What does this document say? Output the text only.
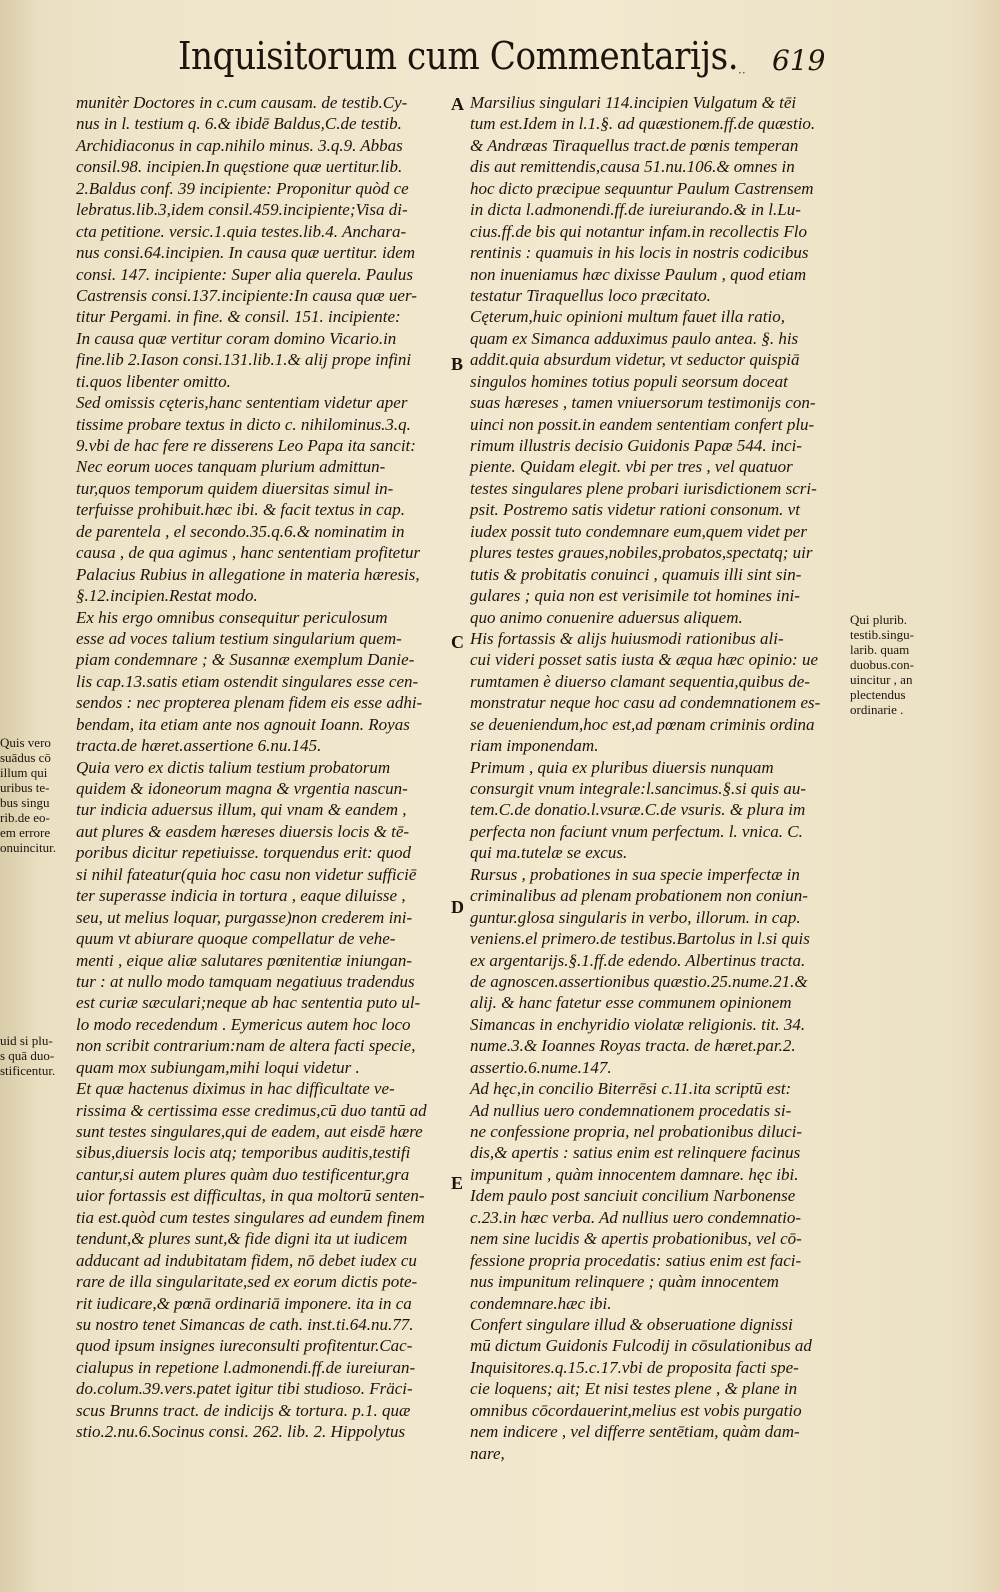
Inquisitorum cum Commentarijs. ·· 619
munitèr Doctores in c.cum causam. de testib.Cy-
nus in l. testium q. 6.& ibidē Baldus,C.de testib.
Archidiaconus in cap.nihilo minus. 3.q.9. Abbas
consil.98. incipien.In quęstione quæ uertitur.lib.
2.Baldus conf. 39 incipiente: Proponitur quòd ce
lebratus.lib.3,idem consil.459.incipiente;Visa di-
cta petitione. versic.1.quia testes.lib.4. Anchara-
nus consi.64.incipien. In causa quæ uertitur. idem
consi. 147. incipiente: Super alia querela. Paulus
Castrensis consi.137.incipiente:In causa quæ uer-
titur Pergami. in fine. & consil. 151. incipiente:
In causa quæ vertitur coram domino Vicario.in
fine.lib 2.Iason consi.131.lib.1.& alij prope infini
ti.quos libenter omitto.
Sed omissis cęteris,hanc sententiam videtur aper
tissime probare textus in dicto c. nihilominus.3.q.
9.vbi de hac fere re disserens Leo Papa ita sancit:
Nec eorum uoces tanquam plurium admittun-
tur,quos temporum quidem diuersitas simul in-
terfuisse prohibuit.hæc ibi. & facit textus in cap.
de parentela , el secondo.35.q.6.& nominatim in
causa , de qua agimus , hanc sententiam profitetur
Palacius Rubius in allegatione in materia hæresis,
§.12.incipien.Restat modo.
Ex his ergo omnibus consequitur periculosum
esse ad voces talium testium singularium quem-
piam condemnare ; & Susannæ exemplum Danie-
lis cap.13.satis etiam ostendit singulares esse cen-
sendos : nec propterea plenam fidem eis esse adhi-
bendam, ita etiam ante nos agnouit Ioann. Royas
tracta.de hæret.assertione 6.nu.145.
Quia vero ex dictis talium testium probatorum
quidem & idoneorum magna & vrgentia nascun-
tur indicia aduersus illum, qui vnam & eandem ,
aut plures & easdem hæreses diuersis locis & tē-
poribus dicitur repetiuisse. torquendus erit: quod
si nihil fateatur(quia hoc casu non videtur sufficiē
ter superasse indicia in tortura , eaque diluisse ,
seu, ut melius loquar, purgasse)non crederem ini-
quum vt abiurare quoque compellatur de vehe-
menti , eique aliæ salutares pœnitentiæ iniungan-
tur : at nullo modo tamquam negatiuus tradendus
est curiæ sæculari;neque ab hac sententia puto ul-
lo modo recedendum . Eymericus autem hoc loco
non scribit contrarium:nam de altera facti specie,
quam mox subiungam,mihi loqui videtur .
Et quæ hactenus diximus in hac difficultate ve-
rissima & certissima esse credimus,cū duo tantū ad
sunt testes singulares,qui de eadem, aut eisdē hære
sibus,diuersis locis atq; temporibus auditis,testifi
cantur,si autem plures quàm duo testificentur,gra
uior fortassis est difficultas, in qua moltorū senten-
tia est.quòd cum testes singulares ad eundem finem
tendunt,& plures sunt,& fide digni ita ut iudicem
adducant ad indubitatam fidem, nō debet iudex cu
rare de illa singularitate,sed ex eorum dictis pote-
rit iudicare,& pœnā ordinariā imponere. ita in ca
su nostro tenet Simancas de cath. inst.ti.64.nu.77.
quod ipsum insignes iureconsulti profitentur.Cac-
cialupus in repetione l.admonendi.ff.de iureiuran-
do.colum.39.vers.patet igitur tibi studioso. Fräci-
scus Brunns tract. de indicijs & tortura. p.1. quæ
stio.2.nu.6.Socinus consi. 262. lib. 2. Hippolytus
Marsilius singulari 114.incipien Vulgatum & tēi
tum est.Idem in l.1.§. ad quæstionem.ff.de quæstio.
& Andræas Tiraquellus tract.de pœnis temperan
dis aut remittendis,causa 51.nu.106.& omnes in
hoc dicto præcipue sequuntur Paulum Castrensem
in dicta l.admonendi.ff.de iureiurando.& in l.Lu-
cius.ff.de bis qui notantur infam.in recollectis Flo
rentinis : quamuis in his locis in nostris codicibus
non inueniamus hæc dixisse Paulum , quod etiam
testatur Tiraquellus loco præcitato.
Cęterum,huic opinioni multum fauet illa ratio,
quam ex Simanca adduximus paulo antea. §. his
addit.quia absurdum videtur, vt seductor quispiā
singulos homines totius populi seorsum doceat
suas hæreses , tamen vniuersorum testimonijs con-
uinci non possit.in eandem sententiam confert plu-
rimum illustris decisio Guidonis Papæ 544. inci-
piente. Quidam elegit. vbi per tres , vel quatuor
testes singulares plene probari iurisdictionem scri-
psit. Postremo satis videtur rationi consonum. vt
iudex possit tuto condemnare eum,quem videt per
plures testes graues,nobiles,probatos,spectatq; uir
tutis & probitatis conuinci , quamuis illi sint sin-
gulares ; quia non est verisimile tot homines ini-
quo animo conuenire aduersus aliquem.
His fortassis & alijs huiusmodi rationibus ali-
cui videri posset satis iusta & æqua hæc opinio: ue
rumtamen è diuerso clamant sequentia,quibus de-
monstratur neque hoc casu ad condemnationem es-
se deueniendum,hoc est,ad pœnam criminis ordina
riam imponendam.
Primum , quia ex pluribus diuersis nunquam
consurgit vnum integrale:l.sancimus.§.si quis au-
tem.C.de donatio.l.vsuræ.C.de vsuris. & plura im
perfecta non faciunt vnum perfectum. l. vnica. C.
qui ma.tutelæ se excus.
Rursus , probationes in sua specie imperfectæ in
criminalibus ad plenam probationem non coniun-
guntur.glosa singularis in verbo, illorum. in cap.
veniens.el primero.de testibus.Bartolus in l.si quis
ex argentarijs.§.1.ff.de edendo. Albertinus tracta.
de agnoscen.assertionibus quæstio.25.nume.21.&
alij. & hanc fatetur esse communem opinionem
Simancas in enchyridio violatæ religionis. tit. 34.
nume.3.& Ioannes Royas tracta. de hæret.par.2.
assertio.6.nume.147.
Ad hęc,in concilio Biterrēsi c.11.ita scriptū est:
Ad nullius uero condemnationem procedatis si-
ne confessione propria, nel probationibus diluci-
dis,& apertis : satius enim est relinquere facinus
impunitum , quàm innocentem damnare. hęc ibi.
Idem paulo post sanciuit concilium Narbonense
c.23.in hæc verba. Ad nullius uero condemnatio-
nem sine lucidis & apertis probationibus, vel cō-
fessione propria procedatis: satius enim est faci-
nus impunitum relinquere ; quàm innocentem
condemnare.hæc ibi.
Confert singulare illud & obseruatione dignissi
mū dictum Guidonis Fulcodij in cōsulationibus ad
Inquisitores.q.15.c.17.vbi de proposita facti spe-
cie loquens; ait; Et nisi testes plene , & plane in
omnibus cōcordauerint,melius est vobis purgatio
nem indicere , vel differre sentētiam, quàm dam-
nare,
A
B
C
D
E
Qui plurib.
testib.singu-
larib. quam
duobus.con-
uincitur , an
plectendus
ordinarie .
Quis vero
suādus cō
illum qui
uribus te-
bus singu
rib.de eo-
em errore
onuincitur.
uid si plu-
s quā duo-
stificentur.
